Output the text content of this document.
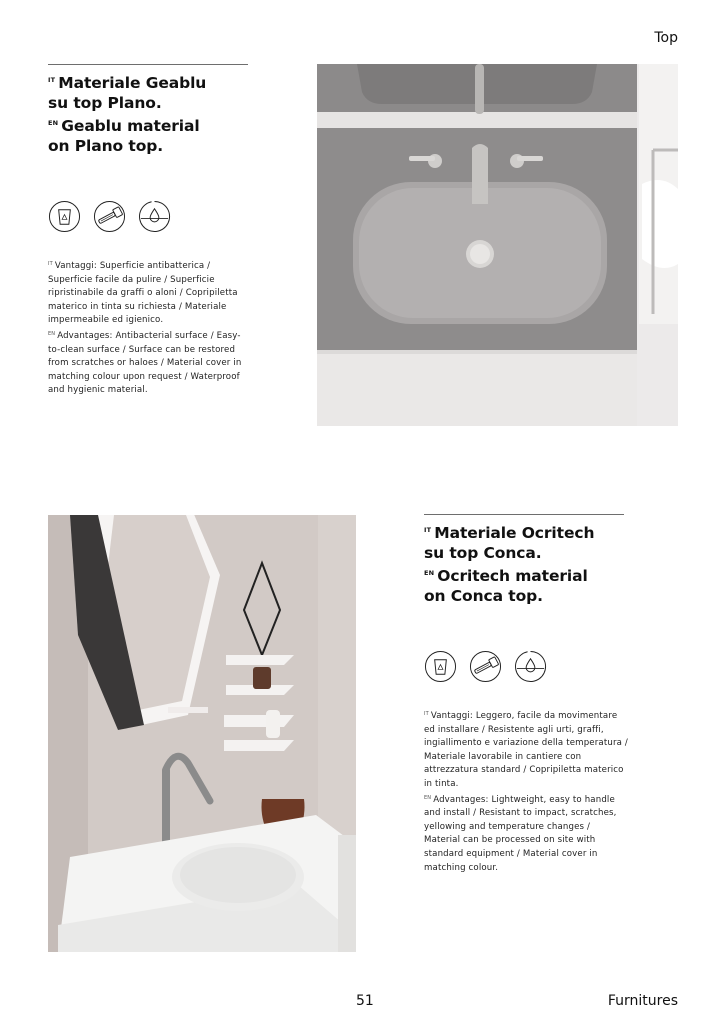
Top
$^{IT}$ Materiale Geablu
su top Plano.
$^{EN}$ Geablu material
on Plano top.

$^{IT}$ Vantaggi: Superficie antibatterica / Superficie facile da pulire / Superficie ripristinabile da graffi o aloni / Copripiletta materico in tinta su richiesta / Materiale impermeabile ed igienico.

$^{EN}$ Advantages: Antibacterial surface / Easy-to-clean surface / Surface can be restored from scratches or haloes / Material cover in matching colour upon request / Waterproof and hygienic material.

$^{IT}$ Materiale Ocritech
su top Conca.
$^{EN}$ Ocritech material
on Conca top.

$^{IT}$ Vantaggi: Leggero, facile da movimentare ed installare / Resistente agli urti, graffi, ingiallimento e variazione della temperatura / Materiale lavorabile in cantiere con attrezzatura standard / Copripiletta materico in tinta.

$^{EN}$ Advantages: Lightweight, easy to handle and install / Resistant to impact, scratches, yellowing and temperature changes / Material can be processed on site with standard equipment / Material cover in matching colour.

51	Furnitures
